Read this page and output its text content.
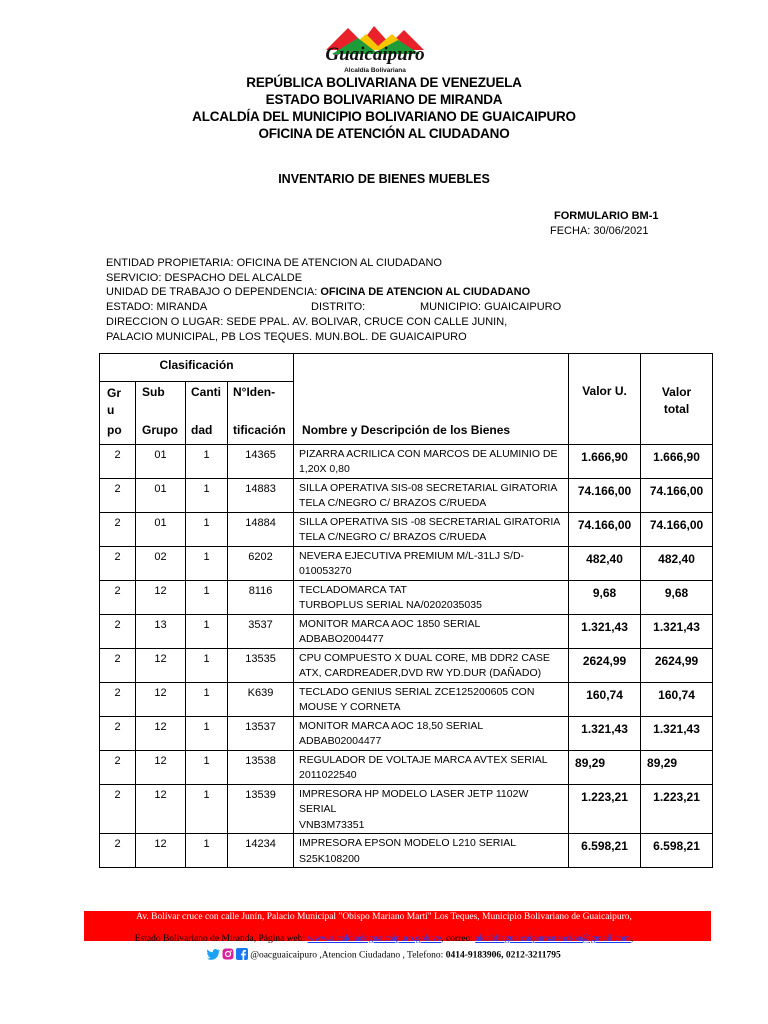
Guaicaipuro
Alcaldía Bolivariana
REPÚBLICA BOLIVARIANA DE VENEZUELA
ESTADO BOLIVARIANO DE MIRANDA
ALCALDÍA DEL MUNICIPIO BOLIVARIANO DE GUAICAIPURO
OFICINA DE ATENCIÓN AL CIUDADANO
INVENTARIO DE BIENES MUEBLES
FORMULARIO BM-1
FECHA: 30/06/2021
ENTIDAD PROPIETARIA: OFICINA DE ATENCION AL CIUDADANO
SERVICIO: DESPACHO DEL ALCALDE
UNIDAD DE TRABAJO O DEPENDENCIA: OFICINA DE ATENCION AL CIUDADANO
ESTADO: MIRANDA	DISTRITO:	MUNICIPIO: GUAICAIPURO
DIRECCION O LUGAR: SEDE PPAL. AV. BOLIVAR, CRUCE CON CALLE JUNIN,
PALACIO MUNICIPAL, PB LOS TEQUES. MUN.BOL. DE GUAICAIPURO
Clasificación					Valor U.	Valor
total

Gr
u	Sub	Canti	N°Iden-			
po	Grupo	dad	tificación	Nombre y Descripción de los Bienes		
2	01	1	14365	PIZARRA ACRILICA CON MARCOS DE ALUMINIO DE
1,20X 0,80	1.666,90	1.666,90
2	01	1	14883	SILLA OPERATIVA SIS-08 SECRETARIAL GIRATORIA
TELA C/NEGRO C/ BRAZOS C/RUEDA	74.166,00	74.166,00
2	01	1	14884	SILLA OPERATIVA SIS -08 SECRETARIAL GIRATORIA
TELA C/NEGRO C/ BRAZOS C/RUEDA	74.166,00	74.166,00
2	02	1	6202	NEVERA EJECUTIVA PREMIUM M/L-31LJ S/D-
010053270	482,40	482,40
2	12	1	8116	TECLADOMARCA TAT
TURBOPLUS SERIAL NA/0202035035	9,68	9,68
2	13	1	3537	MONITOR MARCA AOC 1850 SERIAL
ADBABO2004477	1.321,43	1.321,43
2	12	1	13535	CPU COMPUESTO X DUAL CORE, MB DDR2 CASE
ATX, CARDREADER,DVD RW YD.DUR (DAÑADO)	2624,99	2624,99
2	12	1	K639	TECLADO GENIUS SERIAL ZCE125200605 CON
MOUSE Y CORNETA	160,74	160,74
2	12	1	13537	MONITOR MARCA AOC 18,50 SERIAL
ADBAB02004477	1.321,43	1.321,43
2	12	1	13538	REGULADOR DE VOLTAJE MARCA AVTEX SERIAL
2011022540	89,29	89,29
2	12	1	13539	IMPRESORA HP MODELO LASER JETP 1102W
SERIAL
VNB3M73351	1.223,21	1.223,21
2	12	1	14234	IMPRESORA EPSON MODELO L210 SERIAL
S25K108200	6.598,21	6.598,21
Av. Bolívar cruce con calle Junín, Palacio Municipal "Obispo Mariano Martí" Los Teques, Municipio Bolivariano de Guaicaipuro,
Estado Bolivariano de Miranda, Página web: www.alcaldiadeguaicaipuro.gob.ve, correo: alcaldiaguaicaipuroatencion@gmail.com,
@oacguaicaipuro ,Atencion Ciudadano , Telefono: 0414-9183906, 0212-3211795
